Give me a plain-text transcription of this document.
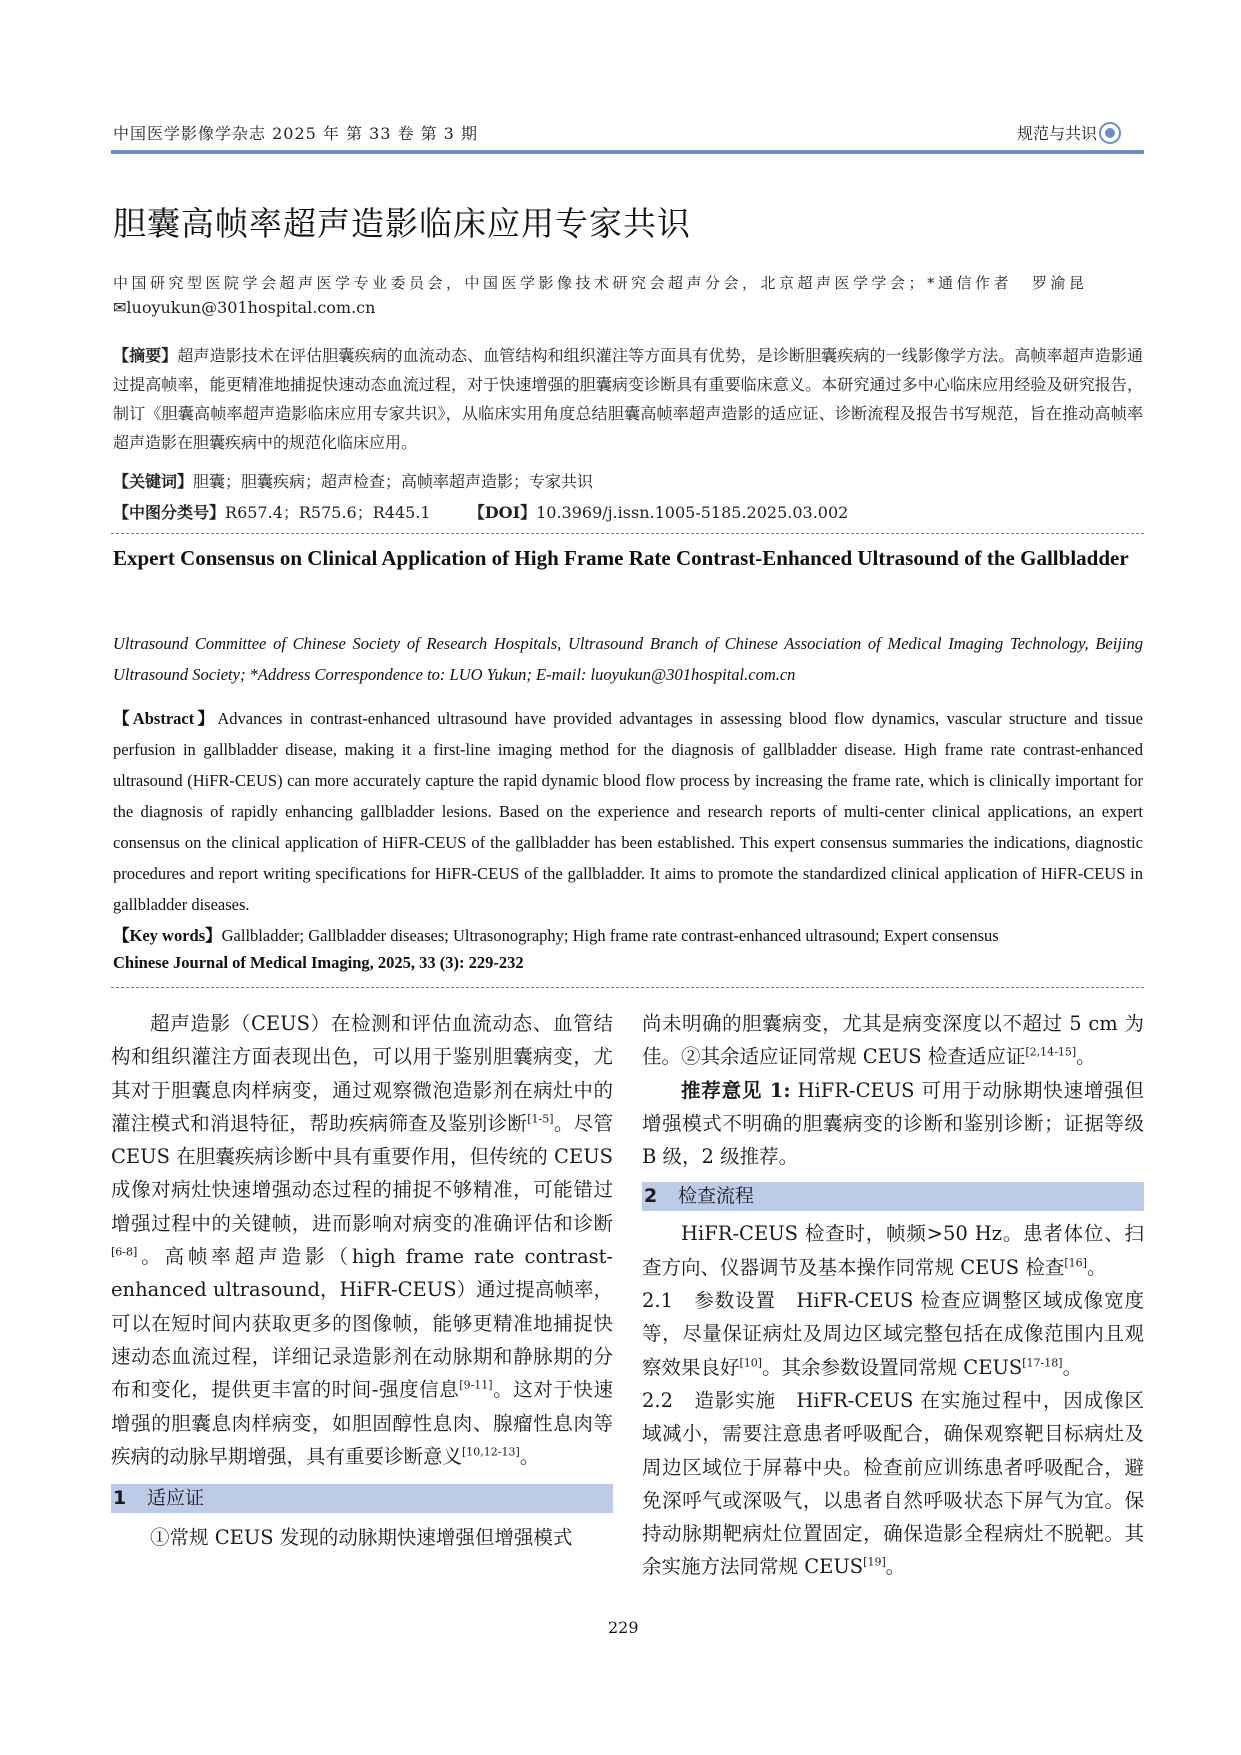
中国医学影像学杂志 2025 年 第 33 卷 第 3 期	规范与共识
胆囊高帧率超声造影临床应用专家共识
中国研究型医院学会超声医学专业委员会，中国医学影像技术研究会超声分会，北京超声医学学会；*通信作者 罗渝昆
✉luoyukun@301hospital.com.cn
【摘要】超声造影技术在评估胆囊疾病的血流动态、血管结构和组织灌注等方面具有优势，是诊断胆囊疾病的一线影像学方法。高帧率超声造影通过提高帧率，能更精准地捕捉快速动态血流过程，对于快速增强的胆囊病变诊断具有重要临床意义。本研究通过多中心临床应用经验及研究报告，制订《胆囊高帧率超声造影临床应用专家共识》，从临床实用角度总结胆囊高帧率超声造影的适应证、诊断流程及报告书写规范，旨在推动高帧率超声造影在胆囊疾病中的规范化临床应用。
【关键词】胆囊；胆囊疾病；超声检查；高帧率超声造影；专家共识
【中图分类号】R657.4；R575.6；R445.1 【DOI】10.3969/j.issn.1005-5185.2025.03.002
Expert Consensus on Clinical Application of High Frame Rate Contrast-Enhanced Ultrasound of the Gallbladder
Ultrasound Committee of Chinese Society of Research Hospitals, Ultrasound Branch of Chinese Association of Medical Imaging Technology, Beijing Ultrasound Society; *Address Correspondence to: LUO Yukun; E-mail: luoyukun@301hospital.com.cn
【Abstract】Advances in contrast-enhanced ultrasound have provided advantages in assessing blood flow dynamics, vascular structure and tissue perfusion in gallbladder disease, making it a first-line imaging method for the diagnosis of gallbladder disease. High frame rate contrast-enhanced ultrasound (HiFR-CEUS) can more accurately capture the rapid dynamic blood flow process by increasing the frame rate, which is clinically important for the diagnosis of rapidly enhancing gallbladder lesions. Based on the experience and research reports of multi-center clinical applications, an expert consensus on the clinical application of HiFR-CEUS of the gallbladder has been established. This expert consensus summaries the indications, diagnostic procedures and report writing specifications for HiFR-CEUS of the gallbladder. It aims to promote the standardized clinical application of HiFR-CEUS in gallbladder diseases.
【Key words】Gallbladder; Gallbladder diseases; Ultrasonography; High frame rate contrast-enhanced ultrasound; Expert consensus
Chinese Journal of Medical Imaging, 2025, 33 (3): 229-232

超声造影（CEUS）在检测和评估血流动态、血管结构和组织灌注方面表现出色，可以用于鉴别胆囊病变，尤其对于胆囊息肉样病变，通过观察微泡造影剂在病灶中的灌注模式和消退特征，帮助疾病筛查及鉴别诊断[1-5]。尽管 CEUS 在胆囊疾病诊断中具有重要作用，但传统的 CEUS 成像对病灶快速增强动态过程的捕捉不够精准，可能错过增强过程中的关键帧，进而影响对病变的准确评估和诊断[6-8]。高帧率超声造影（high frame rate contrast-enhanced ultrasound，HiFR-CEUS）通过提高帧率，可以在短时间内获取更多的图像帧，能够更精准地捕捉快速动态血流过程，详细记录造影剂在动脉期和静脉期的分布和变化，提供更丰富的时间-强度信息[9-11]。这对于快速增强的胆囊息肉样病变，如胆固醇性息肉、腺瘤性息肉等疾病的动脉早期增强，具有重要诊断意义[10,12-13]。

1 适应证

①常规 CEUS 发现的动脉期快速增强但增强模式

尚未明确的胆囊病变，尤其是病变深度以不超过 5 cm 为佳。②其余适应证同常规 CEUS 检查适应证[2,14-15]。

推荐意见 1: HiFR-CEUS 可用于动脉期快速增强但增强模式不明确的胆囊病变的诊断和鉴别诊断；证据等级 B 级，2 级推荐。

2 检查流程

HiFR-CEUS 检查时，帧频>50 Hz。患者体位、扫查方向、仪器调节及基本操作同常规 CEUS 检查[16]。

2.1　参数设置　HiFR-CEUS 检查应调整区域成像宽度等，尽量保证病灶及周边区域完整包括在成像范围内且观察效果良好[10]。其余参数设置同常规 CEUS[17-18]。

2.2　造影实施　HiFR-CEUS 在实施过程中，因成像区域减小，需要注意患者呼吸配合，确保观察靶目标病灶及周边区域位于屏幕中央。检查前应训练患者呼吸配合，避免深呼气或深吸气，以患者自然呼吸状态下屏气为宜。保持动脉期靶病灶位置固定，确保造影全程病灶不脱靶。其余实施方法同常规 CEUS[19]。

229
